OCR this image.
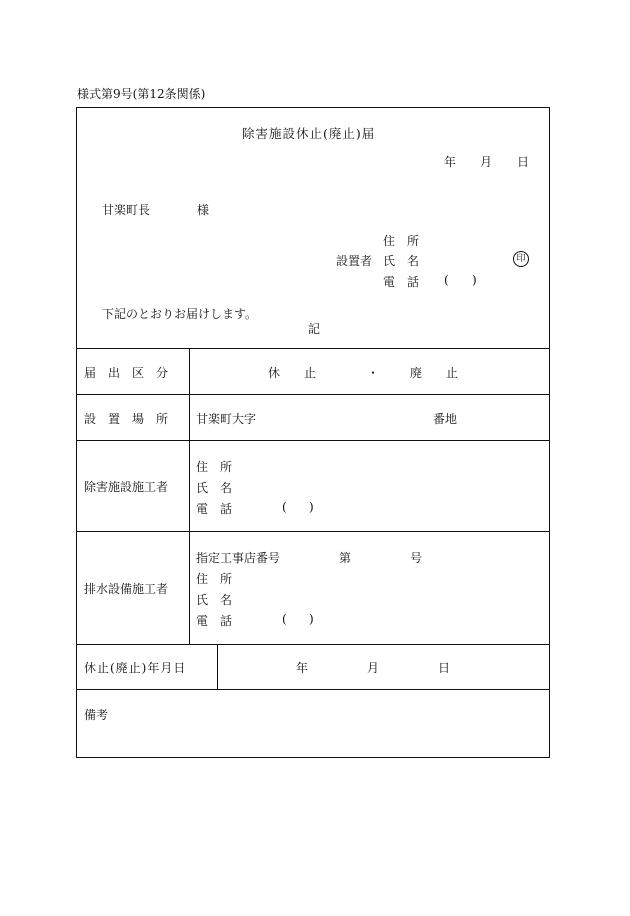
様式第9号(第12条関係)
除害施設休止(廃止)届
年 月 日
甘楽町長	様
住　所
設置者 氏　名	印
電　話 ( )
下記のとおりお届けします。
記
届　出　区　分	休　　止	・	廃　　止
設　置　場　所 甘楽町大字	番地
除害施設施工者
住　所
氏　名
電　話	( )
排水設備施工者
指定工事店番号	第	号
住　所
氏　名
電　話	( )
休止(廃止)年月日	年	月	日
備考
